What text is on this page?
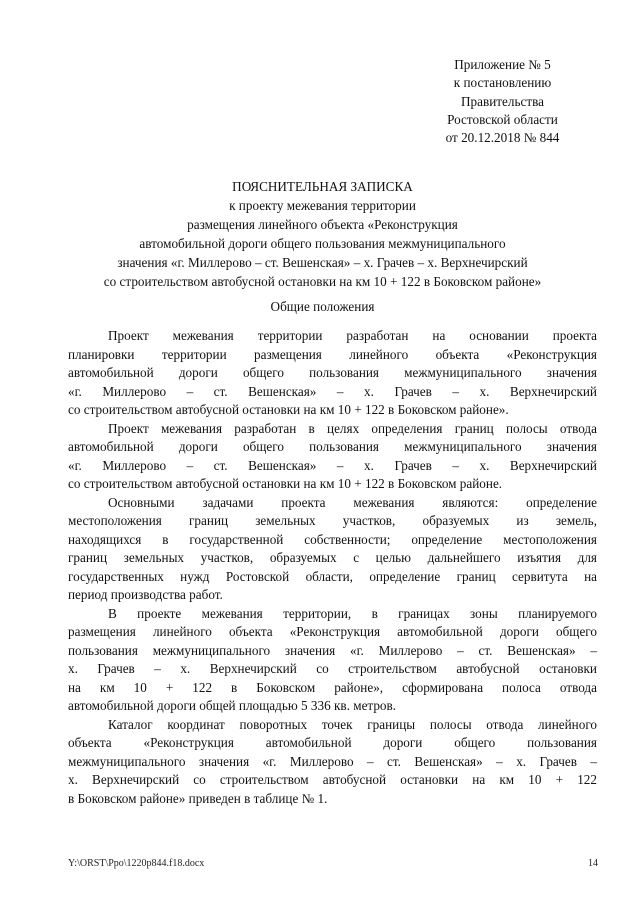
Приложение № 5
к постановлению
Правительства
Ростовской области
от 20.12.2018 № 844
ПОЯСНИТЕЛЬНАЯ ЗАПИСКА
к проекту межевания территории
размещения линейного объекта «Реконструкция
автомобильной дороги общего пользования межмуниципального
значения «г. Миллерово – ст. Вешенская» – х. Грачев – х. Верхнечирский
со строительством автобусной остановки на км 10 + 122 в Боковском районе»
Общие положения
Проект межевания территории разработан на основании проекта
планировки территории размещения линейного объекта «Реконструкция
автомобильной дороги общего пользования межмуниципального значения
«г. Миллерово – ст. Вешенская» – х. Грачев – х. Верхнечирский
со строительством автобусной остановки на км 10 + 122 в Боковском районе».
Проект межевания разработан в целях определения границ полосы отвода
автомобильной дороги общего пользования межмуниципального значения
«г. Миллерово – ст. Вешенская» – х. Грачев – х. Верхнечирский
со строительством автобусной остановки на км 10 + 122 в Боковском районе.
Основными задачами проекта межевания являются: определение
местоположения границ земельных участков, образуемых из земель,
находящихся в государственной собственности; определение местоположения
границ земельных участков, образуемых с целью дальнейшего изъятия для
государственных нужд Ростовской области, определение границ сервитута на
период производства работ.
В проекте межевания территории, в границах зоны планируемого
размещения линейного объекта «Реконструкция автомобильной дороги общего
пользования межмуниципального значения «г. Миллерово – ст. Вешенская» –
х. Грачев – х. Верхнечирский со строительством автобусной остановки
на км 10 + 122 в Боковском районе», сформирована полоса отвода
автомобильной дороги общей площадью 5 336 кв. метров.
Каталог координат поворотных точек границы полосы отвода линейного
объекта «Реконструкция автомобильной дороги общего пользования
межмуниципального значения «г. Миллерово – ст. Вешенская» – х. Грачев –
х. Верхнечирский со строительством автобусной остановки на км 10 + 122
в Боковском районе» приведен в таблице № 1.
Y:\ORST\Ppo\1220p844.f18.docx	14
